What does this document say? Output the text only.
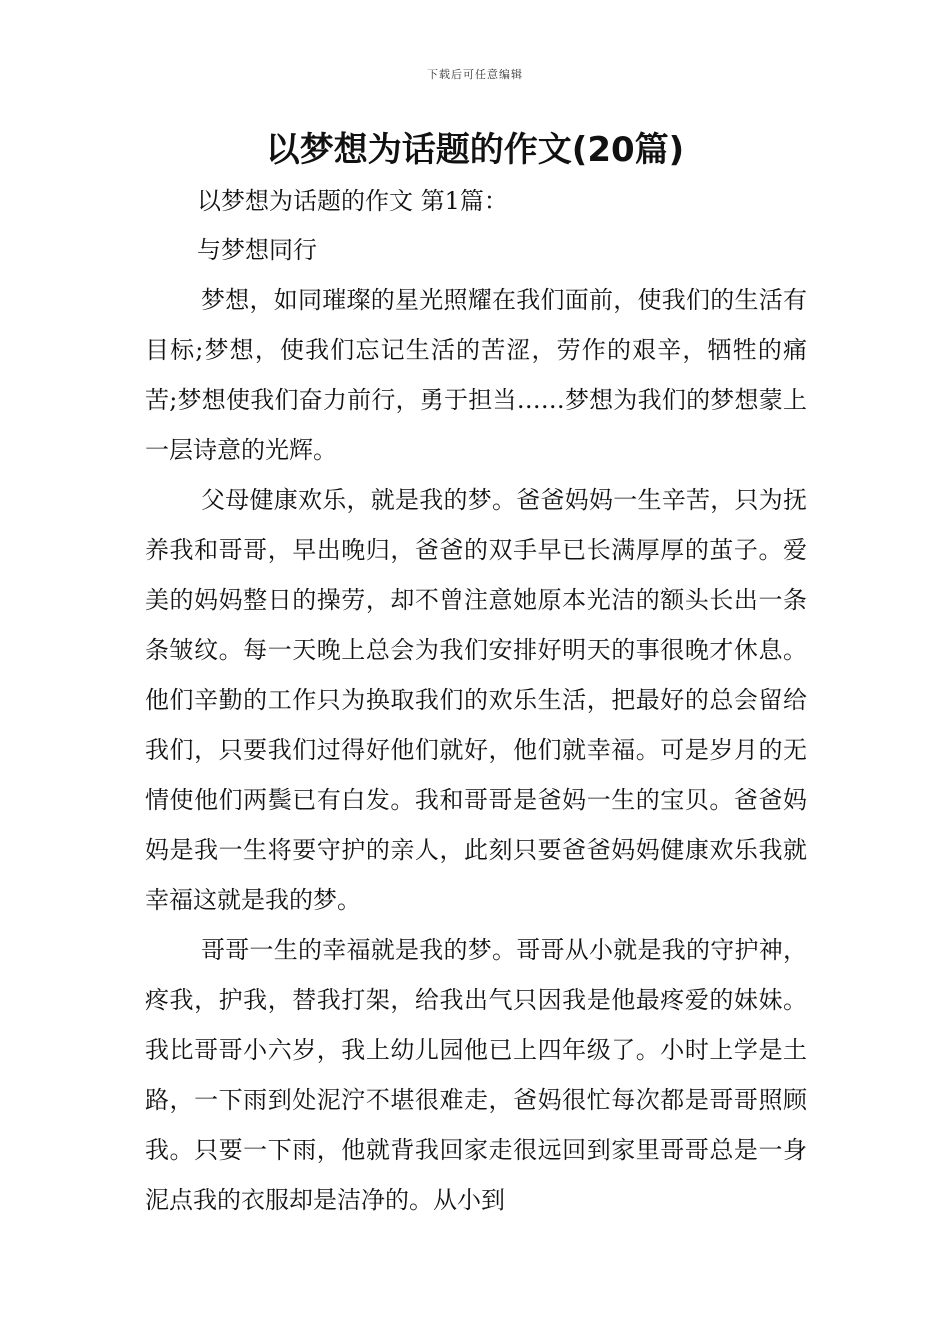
下载后可任意编辑
以梦想为话题的作文(20篇)

以梦想为话题的作文 第1篇：

与梦想同行

梦想，如同璀璨的星光照耀在我们面前，使我们的生活有目标;梦想，使我们忘记生活的苦涩，劳作的艰辛，牺牲的痛苦;梦想使我们奋力前行，勇于担当……梦想为我们的梦想蒙上一层诗意的光辉。

父母健康欢乐，就是我的梦。爸爸妈妈一生辛苦，只为抚养我和哥哥，早出晚归，爸爸的双手早已长满厚厚的茧子。爱美的妈妈整日的操劳，却不曾注意她原本光洁的额头长出一条条皱纹。每一天晚上总会为我们安排好明天的事很晚才休息。他们辛勤的工作只为换取我们的欢乐生活，把最好的总会留给我们，只要我们过得好他们就好，他们就幸福。可是岁月的无情使他们两鬓已有白发。我和哥哥是爸妈一生的宝贝。爸爸妈妈是我一生将要守护的亲人，此刻只要爸爸妈妈健康欢乐我就幸福这就是我的梦。

哥哥一生的幸福就是我的梦。哥哥从小就是我的守护神，疼我，护我，替我打架，给我出气只因我是他最疼爱的妹妹。我比哥哥小六岁，我上幼儿园他已上四年级了。小时上学是土路，一下雨到处泥泞不堪很难走，爸妈很忙每次都是哥哥照顾我。只要一下雨，他就背我回家走很远回到家里哥哥总是一身泥点我的衣服却是洁净的。从小到
